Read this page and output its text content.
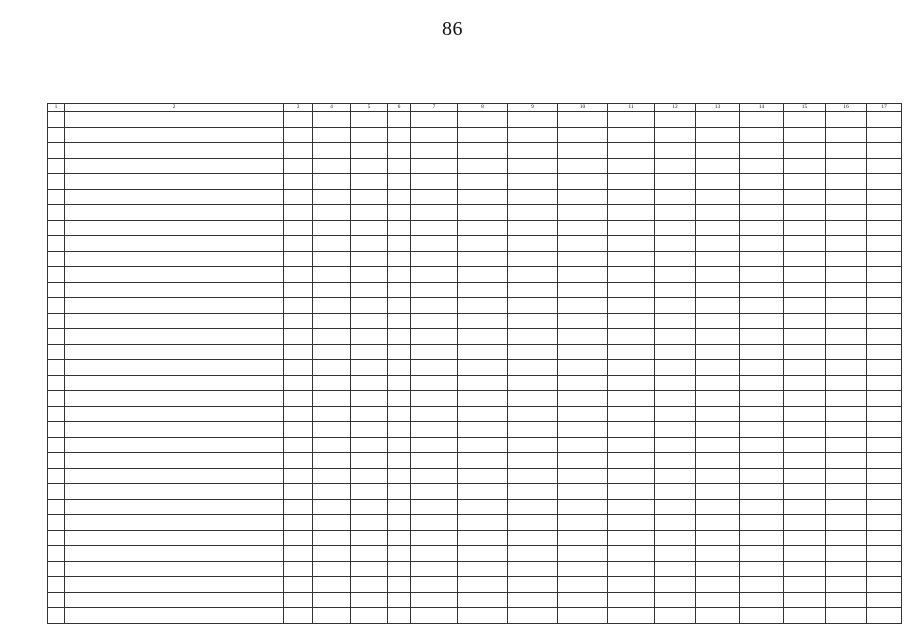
86
1	2	3	4	5	6	7	8	9	10	11	12	13	14	15	16	17
